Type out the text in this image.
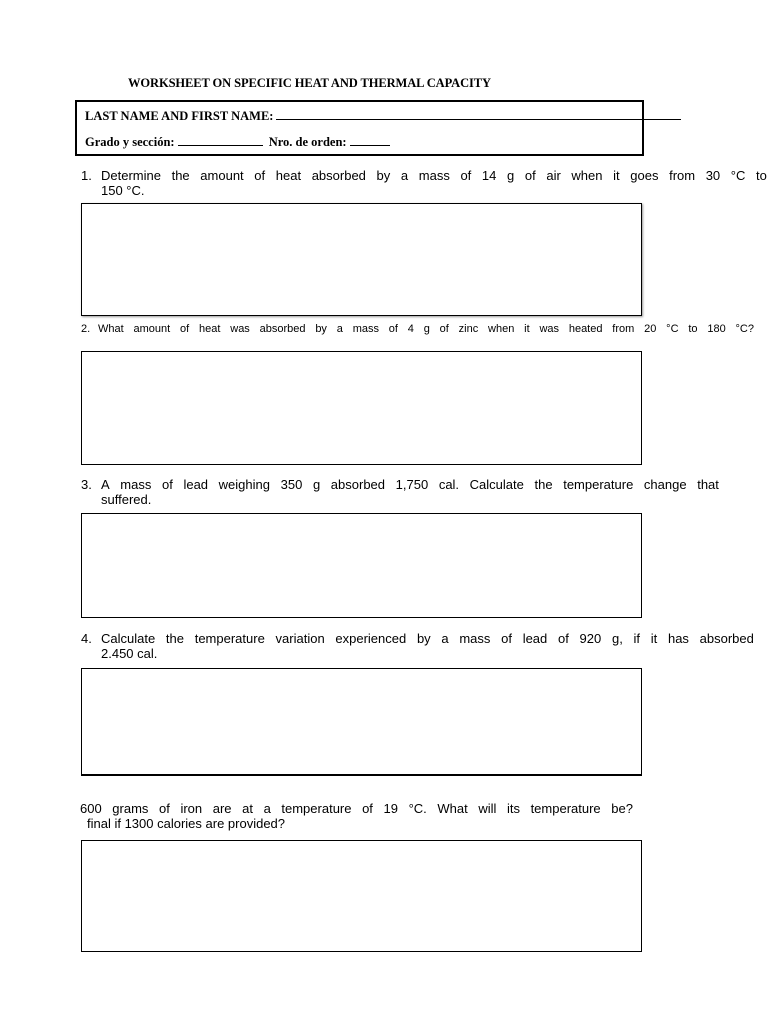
WORKSHEET ON SPECIFIC HEAT AND THERMAL CAPACITY
LAST NAME AND FIRST NAME:
Grado y sección:	Nro. de orden:
1. Determine the amount of heat absorbed by a mass of 14 g of air when it goes from 30 °C to
150 °C.
2. What amount of heat was absorbed by a mass of 4 g of zinc when it was heated from 20 °C to 180 °C?
3. A mass of lead weighing 350 g absorbed 1,750 cal. Calculate the temperature change that
suffered.
4. Calculate the temperature variation experienced by a mass of lead of 920 g, if it has absorbed
2.450 cal.
600 grams of iron are at a temperature of 19 °C. What will its temperature be?
final if 1300 calories are provided?
